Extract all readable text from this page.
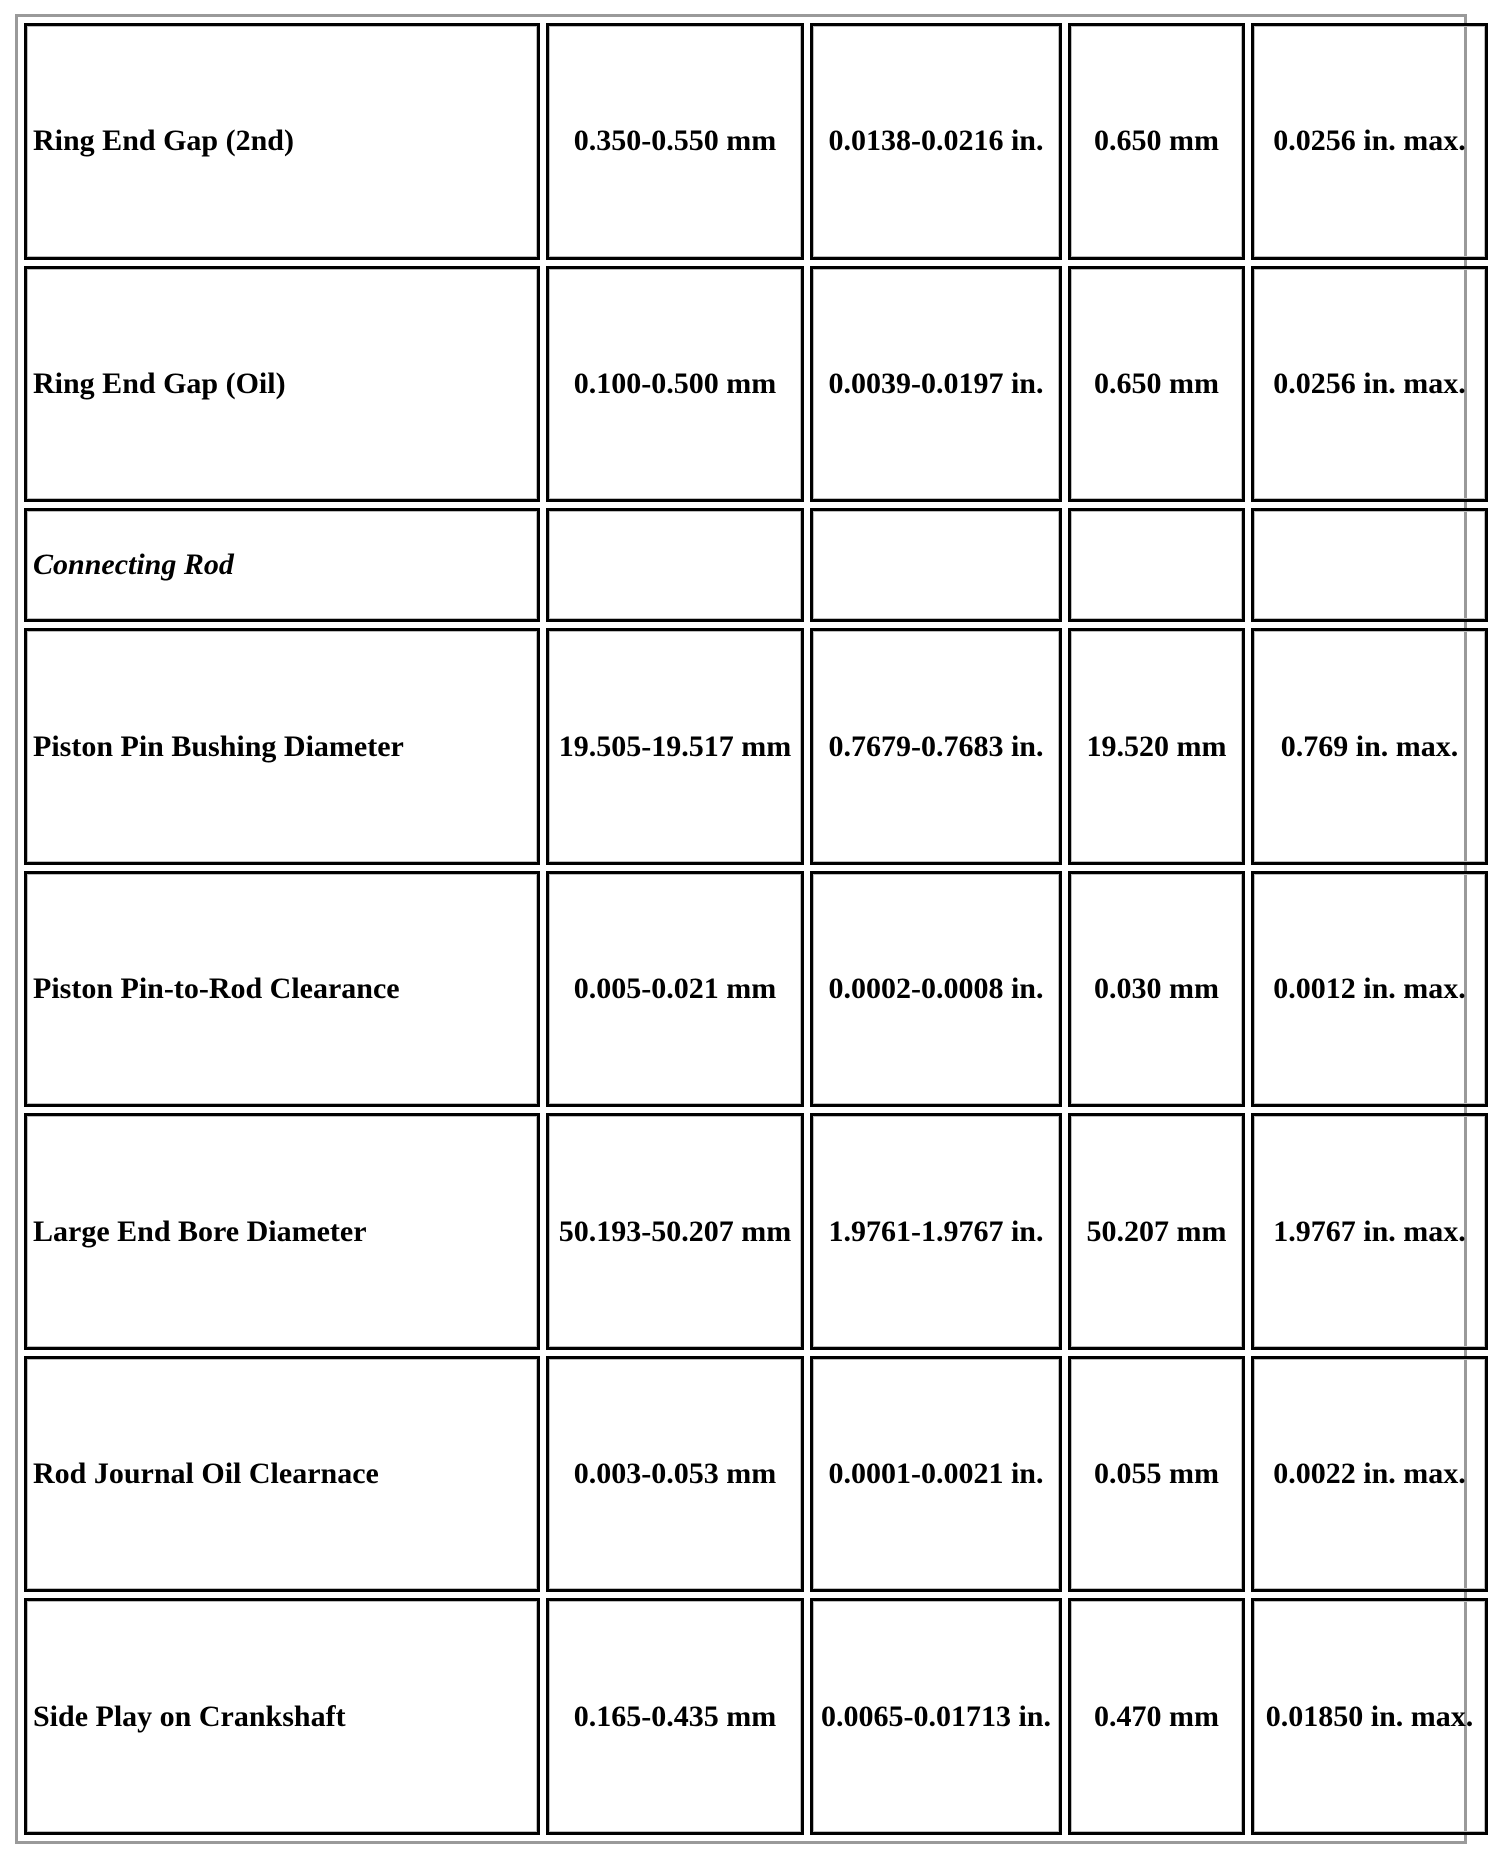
Ring End Gap (2nd)	0.350-0.550 mm	0.0138-0.0216 in.	0.650 mm	0.0256 in. max.
Ring End Gap (Oil)	0.100-0.500 mm	0.0039-0.0197 in.	0.650 mm	0.0256 in. max.
Connecting Rod				
Piston Pin Bushing Diameter	19.505-19.517 mm	0.7679-0.7683 in.	19.520 mm	0.769 in. max.
Piston Pin-to-Rod Clearance	0.005-0.021 mm	0.0002-0.0008 in.	0.030 mm	0.0012 in. max.
Large End Bore Diameter	50.193-50.207 mm	1.9761-1.9767 in.	50.207 mm	1.9767 in. max.
Rod Journal Oil Clearnace	0.003-0.053 mm	0.0001-0.0021 in.	0.055 mm	0.0022 in. max.
Side Play on Crankshaft	0.165-0.435 mm	0.0065-0.01713 in.	0.470 mm	0.01850 in. max.
